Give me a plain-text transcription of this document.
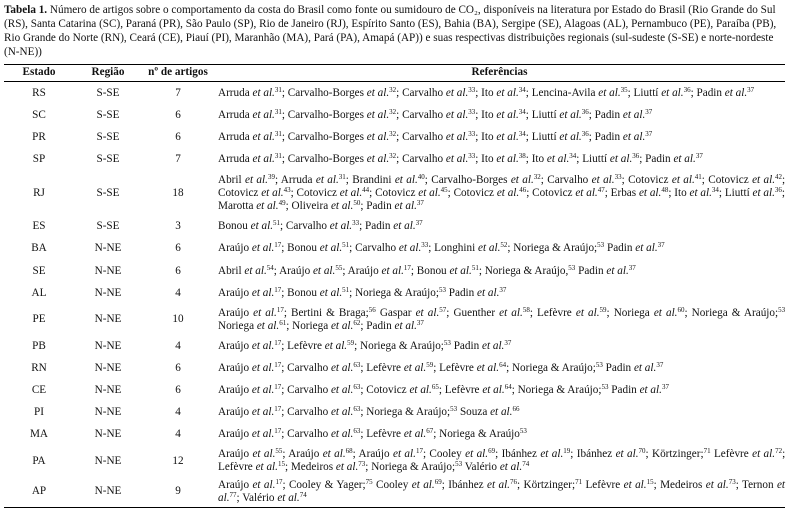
Tabela 1. Número de artigos sobre o comportamento da costa do Brasil como fonte ou sumidouro de CO₂, disponíveis na literatura por Estado do Brasil (Rio Grande do Sul (RS), Santa Catarina (SC), Paraná (PR), São Paulo (SP), Rio de Janeiro (RJ), Espírito Santo (ES), Bahia (BA), Sergipe (SE), Alagoas (AL), Pernambuco (PE), Paraíba (PB), Rio Grande do Norte (RN), Ceará (CE), Piauí (PI), Maranhão (MA), Pará (PA), Amapá (AP)) e suas respectivas distribuições regionais (sul-sudeste (S-SE) e norte-nordeste (N-NE))

Estado	Região	nº de artigos	Referências
RS	S-SE	7	Arruda et al.$^{31}$; Carvalho-Borges et al.$^{32}$; Carvalho et al.$^{33}$; Ito et al.$^{34}$; Lencina-Avila et al.$^{35}$; Liuttí et al.$^{36}$; Padin et al.$^{37}$
SC	S-SE	6	Arruda et al.$^{31}$; Carvalho-Borges et al.$^{32}$; Carvalho et al.$^{33}$; Ito et al.$^{34}$; Liuttí et al.$^{36}$; Padin et al.$^{37}$
PR	S-SE	6	Arruda et al.$^{31}$; Carvalho-Borges et al.$^{32}$; Carvalho et al.$^{33}$; Ito et al.$^{34}$; Liuttí et al.$^{36}$; Padin et al.$^{37}$
SP	S-SE	7	Arruda et al.$^{31}$; Carvalho-Borges et al.$^{32}$; Carvalho et al.$^{33}$; Ito et al.$^{38}$; Ito et al.$^{34}$; Liuttí et al.$^{36}$; Padin et al.$^{37}$
RJ	S-SE	18	Abril et al.$^{39}$; Arruda et al.$^{31}$; Brandini et al.$^{40}$; Carvalho-Borges et al.$^{32}$; Carvalho et al.$^{33}$; Cotovicz et al.$^{41}$; Cotovicz et al.$^{42}$; Cotovicz et al.$^{43}$; Cotovicz et al.$^{44}$; Cotovicz et al.$^{45}$; Cotovicz et al.$^{46}$; Cotovicz et al.$^{47}$; Erbas et al.$^{48}$; Ito et al.$^{34}$; Liuttí et al.$^{36}$; Marotta et al.$^{49}$; Oliveira et al.$^{50}$; Padin et al.$^{37}$
ES	S-SE	3	Bonou et al.$^{51}$; Carvalho et al.$^{33}$; Padin et al.$^{37}$
BA	N-NE	6	Araújo et al.$^{17}$; Bonou et al.$^{51}$; Carvalho et al.$^{33}$; Longhini et al.$^{52}$; Noriega & Araújo;$^{53}$ Padin et al.$^{37}$
SE	N-NE	6	Abril et al.$^{54}$; Araújo et al.$^{55}$; Araújo et al.$^{17}$; Bonou et al.$^{51}$; Noriega & Araújo,$^{53}$ Padin et al.$^{37}$
AL	N-NE	4	Araújo et al.$^{17}$; Bonou et al.$^{51}$; Noriega & Araújo;$^{53}$ Padin et al.$^{37}$
PE	N-NE	10	Araújo et al.$^{17}$; Bertini & Braga;$^{56}$ Gaspar et al.$^{57}$; Guenther et al.$^{58}$; Lefèvre et al.$^{59}$; Noriega et al.$^{60}$; Noriega & Araújo;$^{53}$ Noriega et al.$^{61}$; Noriega et al.$^{62}$; Padin et al.$^{37}$
PB	N-NE	4	Araújo et al.$^{17}$; Lefèvre et al.$^{59}$; Noriega & Araújo;$^{53}$ Padin et al.$^{37}$
RN	N-NE	6	Araújo et al.$^{17}$; Carvalho et al.$^{63}$; Lefèvre et al.$^{59}$; Lefèvre et al.$^{64}$; Noriega & Araújo;$^{53}$ Padin et al.$^{37}$
CE	N-NE	6	Araújo et al.$^{17}$; Carvalho et al.$^{63}$; Cotovicz et al.$^{65}$; Lefèvre et al.$^{64}$; Noriega & Araújo;$^{53}$ Padin et al.$^{37}$
PI	N-NE	4	Araújo et al.$^{17}$; Carvalho et al.$^{63}$; Noriega & Araújo;$^{53}$ Souza et al.$^{66}$
MA	N-NE	4	Araújo et al.$^{17}$; Carvalho et al.$^{63}$; Lefèvre et al.$^{67}$; Noriega & Araújo$^{53}$
PA	N-NE	12	Araújo et al.$^{55}$; Araújo et al.$^{68}$; Araújo et al.$^{17}$; Cooley et al.$^{69}$; Ibánhez et al.$^{19}$; Ibánhez et al.$^{70}$; Körtzinger;$^{71}$ Lefèvre et al.$^{72}$; Lefèvre et al.$^{15}$; Medeiros et al.$^{73}$; Noriega & Araújo;$^{53}$ Valério et al.$^{74}$
AP	N-NE	9	Araújo et al.$^{17}$; Cooley & Yager;$^{75}$ Cooley et al.$^{69}$; Ibánhez et al.$^{76}$; Körtzinger;$^{71}$ Lefèvre et al.$^{15}$; Medeiros et al.$^{73}$; Ternon et al.$^{77}$; Valério et al.$^{74}$
